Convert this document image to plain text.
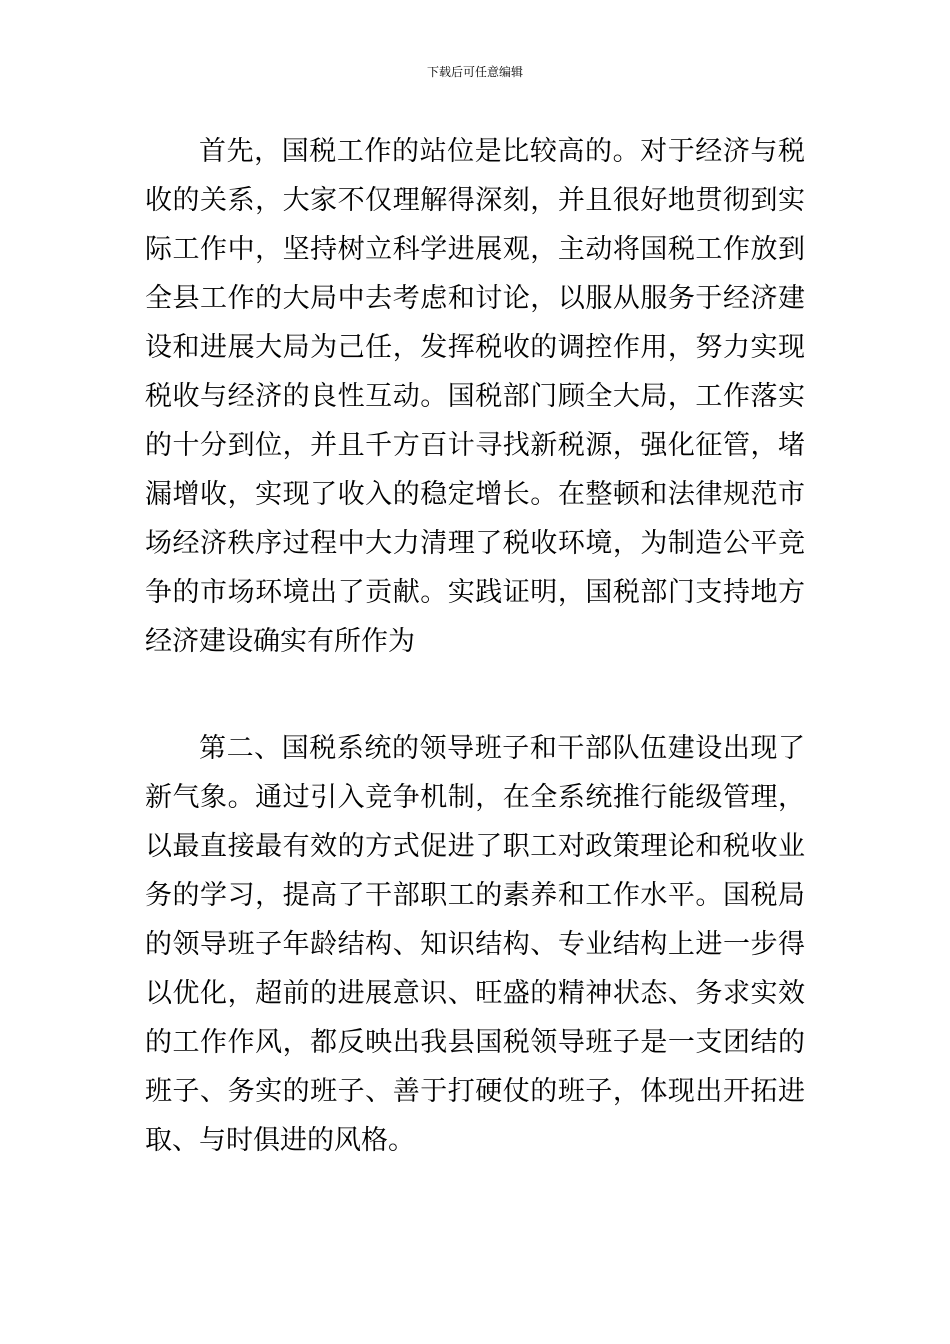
下载后可任意编辑

首先，国税工作的站位是比较高的。对于经济与税收的关系，大家不仅理解得深刻，并且很好地贯彻到实际工作中，坚持树立科学进展观，主动将国税工作放到全县工作的大局中去考虑和讨论，以服从服务于经济建设和进展大局为己任，发挥税收的调控作用，努力实现税收与经济的良性互动。国税部门顾全大局，工作落实的十分到位，并且千方百计寻找新税源，强化征管，堵漏增收，实现了收入的稳定增长。在整顿和法律规范市场经济秩序过程中大力清理了税收环境，为制造公平竞争的市场环境出了贡献。实践证明，国税部门支持地方经济建设确实有所作为

第二、国税系统的领导班子和干部队伍建设出现了新气象。通过引入竞争机制，在全系统推行能级管理，以最直接最有效的方式促进了职工对政策理论和税收业务的学习，提高了干部职工的素养和工作水平。国税局的领导班子年龄结构、知识结构、专业结构上进一步得以优化，超前的进展意识、旺盛的精神状态、务求实效的工作作风，都反映出我县国税领导班子是一支团结的班子、务实的班子、善于打硬仗的班子，体现出开拓进取、与时俱进的风格。
